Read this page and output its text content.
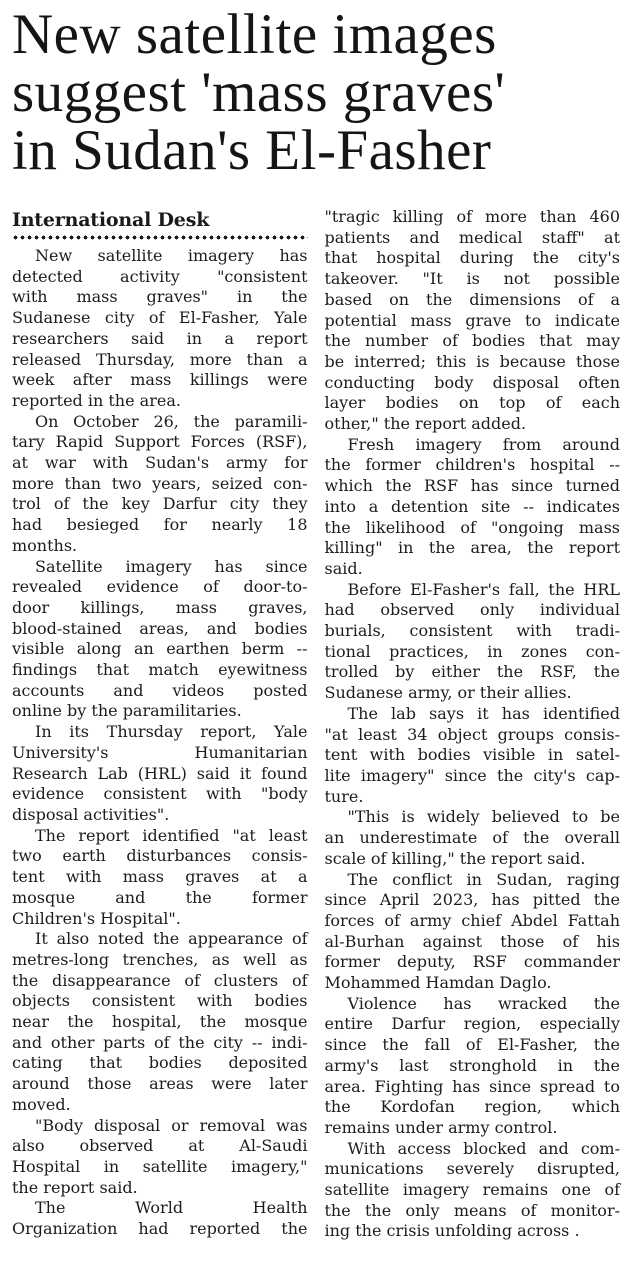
New satellite images
suggest 'mass graves'
in Sudan's El-Fasher
International Desk
New satellite imagery has
detected activity "consistent
with mass graves" in the
Sudanese city of El-Fasher, Yale
researchers said in a report
released Thursday, more than a
week after mass killings were
reported in the area.
On October 26, the paramili-
tary Rapid Support Forces (RSF),
at war with Sudan's army for
more than two years, seized con-
trol of the key Darfur city they
had besieged for nearly 18
months.
Satellite imagery has since
revealed evidence of door-to-
door killings, mass graves,
blood-stained areas, and bodies
visible along an earthen berm --
findings that match eyewitness
accounts and videos posted
online by the paramilitaries.
In its Thursday report, Yale
University's Humanitarian
Research Lab (HRL) said it found
evidence consistent with "body
disposal activities".
The report identified "at least
two earth disturbances consis-
tent with mass graves at a
mosque and the former
Children's Hospital".
It also noted the appearance of
metres-long trenches, as well as
the disappearance of clusters of
objects consistent with bodies
near the hospital, the mosque
and other parts of the city -- indi-
cating that bodies deposited
around those areas were later
moved.
"Body disposal or removal was
also observed at Al-Saudi
Hospital in satellite imagery,"
the report said.
The World Health
Organization had reported the
"tragic killing of more than 460
patients and medical staff" at
that hospital during the city's
takeover. "It is not possible
based on the dimensions of a
potential mass grave to indicate
the number of bodies that may
be interred; this is because those
conducting body disposal often
layer bodies on top of each
other," the report added.
Fresh imagery from around
the former children's hospital --
which the RSF has since turned
into a detention site -- indicates
the likelihood of "ongoing mass
killing" in the area, the report
said.
Before El-Fasher's fall, the HRL
had observed only individual
burials, consistent with tradi-
tional practices, in zones con-
trolled by either the RSF, the
Sudanese army, or their allies.
The lab says it has identified
"at least 34 object groups consis-
tent with bodies visible in satel-
lite imagery" since the city's cap-
ture.
"This is widely believed to be
an underestimate of the overall
scale of killing," the report said.
The conflict in Sudan, raging
since April 2023, has pitted the
forces of army chief Abdel Fattah
al-Burhan against those of his
former deputy, RSF commander
Mohammed Hamdan Daglo.
Violence has wracked the
entire Darfur region, especially
since the fall of El-Fasher, the
army's last stronghold in the
area. Fighting has since spread to
the Kordofan region, which
remains under army control.
With access blocked and com-
munications severely disrupted,
satellite imagery remains one of
the the only means of monitor-
ing the crisis unfolding across .
